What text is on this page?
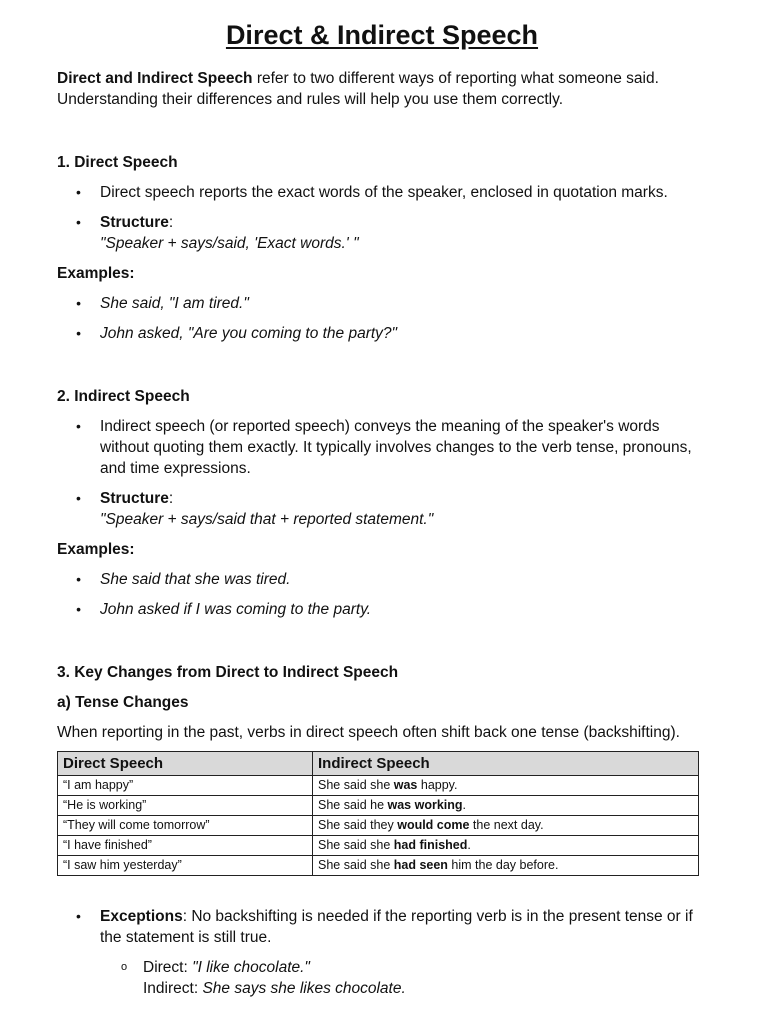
Direct & Indirect Speech

Direct and Indirect Speech refer to two different ways of reporting what someone said. Understanding their differences and rules will help you use them correctly.

1. Direct Speech
• Direct speech reports the exact words of the speaker, enclosed in quotation marks.
• Structure:
"Speaker + says/said, 'Exact words.' "
Examples:
• She said, "I am tired."
• John asked, "Are you coming to the party?"
2. Indirect Speech
• Indirect speech (or reported speech) conveys the meaning of the speaker's words without quoting them exactly. It typically involves changes to the verb tense, pronouns, and time expressions.
• Structure:
"Speaker + says/said that + reported statement."
Examples:
• She said that she was tired.
• John asked if I was coming to the party.
3. Key Changes from Direct to Indirect Speech
a) Tense Changes

When reporting in the past, verbs in direct speech often shift back one tense (backshifting).

Direct Speech	Indirect Speech
“I am happy”	She said she was happy.
“He is working”	She said he was working.
“They will come tomorrow”	She said they would come the next day.
“I have finished”	She said she had finished.
“I saw him yesterday”	She said she had seen him the day before.
• Exceptions: No backshifting is needed if the reporting verb is in the present tense or if the statement is still true.
o Direct: "I like chocolate."
Indirect: She says she likes chocolate.
